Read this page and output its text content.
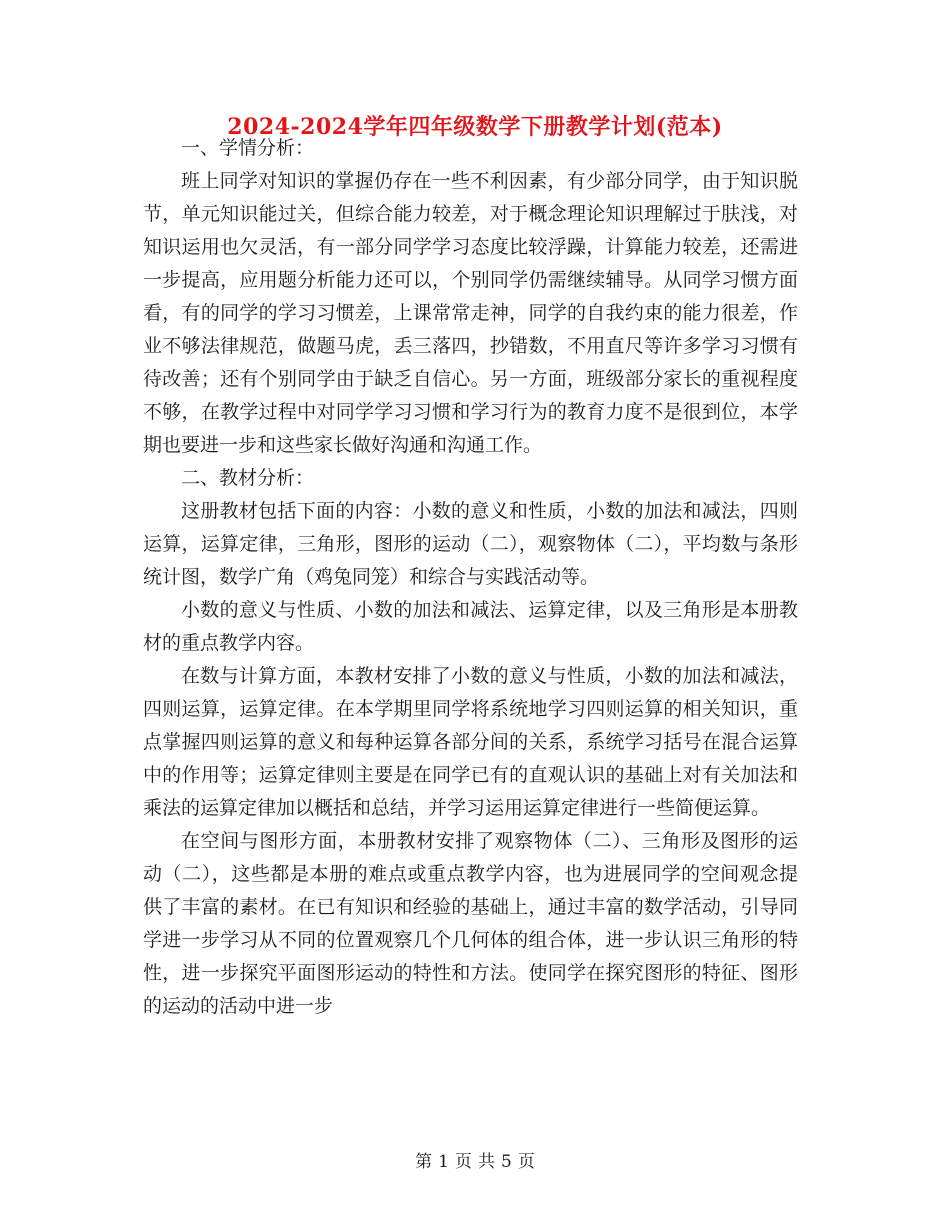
2024-2024学年四年级数学下册教学计划(范本)

一、学情分析：

班上同学对知识的掌握仍存在一些不利因素，有少部分同学，由于知识脱节，单元知识能过关，但综合能力较差，对于概念理论知识理解过于肤浅，对知识运用也欠灵活，有一部分同学学习态度比较浮躁，计算能力较差，还需进一步提高，应用题分析能力还可以，个别同学仍需继续辅导。从同学习惯方面看，有的同学的学习习惯差，上课常常走神，同学的自我约束的能力很差，作业不够法律规范，做题马虎，丢三落四，抄错数，不用直尺等许多学习习惯有待改善；还有个别同学由于缺乏自信心。另一方面，班级部分家长的重视程度不够，在教学过程中对同学学习习惯和学习行为的教育力度不是很到位，本学期也要进一步和这些家长做好沟通和沟通工作。

二、教材分析：

这册教材包括下面的内容：小数的意义和性质，小数的加法和减法，四则运算，运算定律，三角形，图形的运动（二），观察物体（二），平均数与条形统计图，数学广角（鸡兔同笼）和综合与实践活动等。

小数的意义与性质、小数的加法和减法、运算定律，以及三角形是本册教材的重点教学内容。

在数与计算方面，本教材安排了小数的意义与性质，小数的加法和减法，四则运算，运算定律。在本学期里同学将系统地学习四则运算的相关知识，重点掌握四则运算的意义和每种运算各部分间的关系，系统学习括号在混合运算中的作用等；运算定律则主要是在同学已有的直观认识的基础上对有关加法和乘法的运算定律加以概括和总结，并学习运用运算定律进行一些简便运算。

在空间与图形方面，本册教材安排了观察物体（二）、三角形及图形的运动（二），这些都是本册的难点或重点教学内容，也为进展同学的空间观念提供了丰富的素材。在已有知识和经验的基础上，通过丰富的数学活动，引导同学进一步学习从不同的位置观察几个几何体的组合体，进一步认识三角形的特性，进一步探究平面图形运动的特性和方法。使同学在探究图形的特征、图形的运动的活动中进一步

第 1 页 共 5 页
